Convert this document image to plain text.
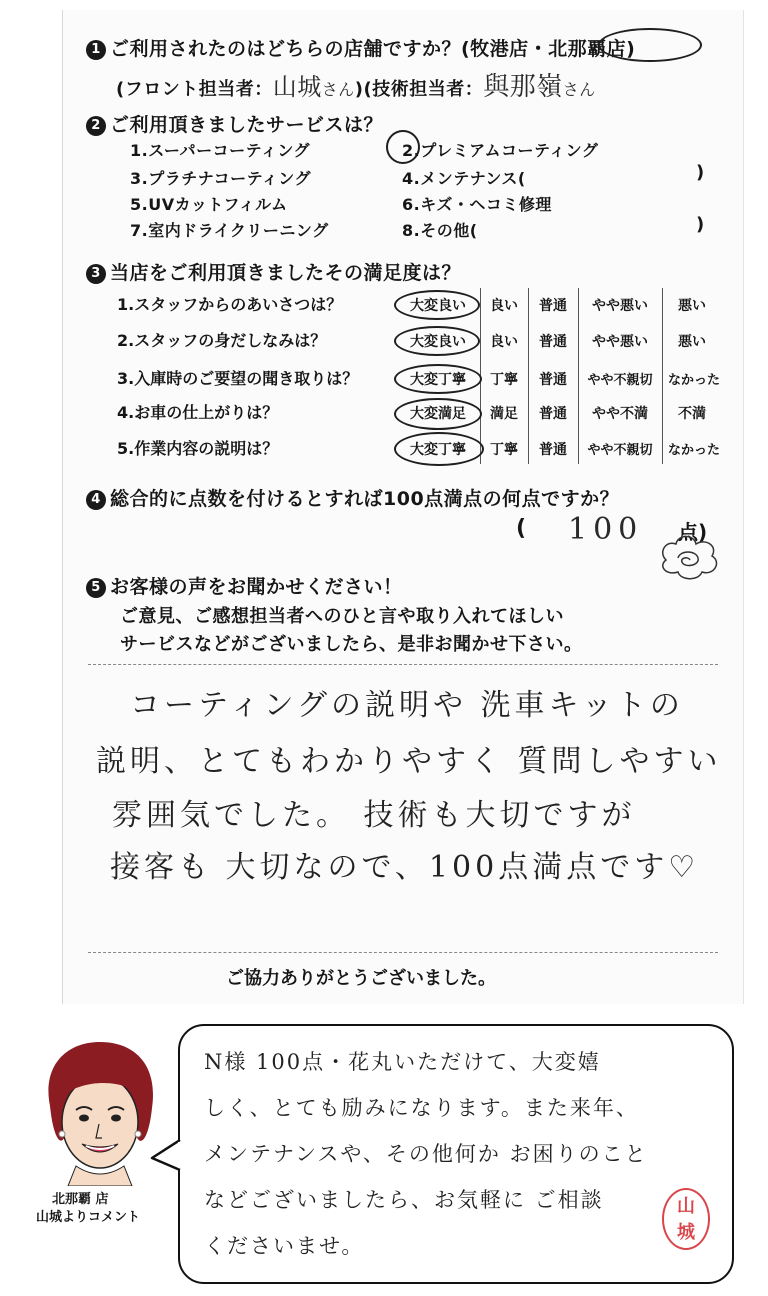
1 ご利用されたのはどちらの店舗ですか？(牧港店・北那覇店)
(フロント担当者：山城さん)(技術担当者：與那嶺さん
2 ご利用頂きましたサービスは？
1.スーパーコーティング	2.プレミアムコーティング
3.プラチナコーティング	4.メンテナンス(	)
5.UVカットフィルム	6.キズ・ヘコミ修理
7.室内ドライクリーニング	8.その他(	)
3 当店をご利用頂きましたその満足度は？
1.スタッフからのあいさつは？	大変良い	良い	普通	やや悪い	悪い
2.スタッフの身だしなみは？	大変良い	良い	普通	やや悪い	悪い
3.入庫時のご要望の聞き取りは？	大変丁寧	丁寧	普通	やや不親切	なかった
4.お車の仕上がりは？	大変満足	満足	普通	やや不満	不満
5.作業内容の説明は？	大変丁寧	丁寧	普通	やや不親切	なかった
4 総合的に点数を付けるとすれば100点満点の何点ですか？
( 100 点)
5 お客様の声をお聞かせください！
ご意見、ご感想担当者へのひと言や取り入れてほしい
サービスなどがございましたら、是非お聞かせ下さい。
コーティングの説明や 洗車キットの
説明、とてもわかりやすく 質問しやすい
雰囲気でした。 技術も大切ですが
接客も 大切なので、100点満点です♡
ご協力ありがとうございました。
北那覇 店
山城よりコメント
N様 100点・花丸いただけて、大変嬉
しく、とても励みになります。また来年、
メンテナンスや、その他何か お困りのこと
などございましたら、お気軽に ご相談
くださいませ。
山
城
